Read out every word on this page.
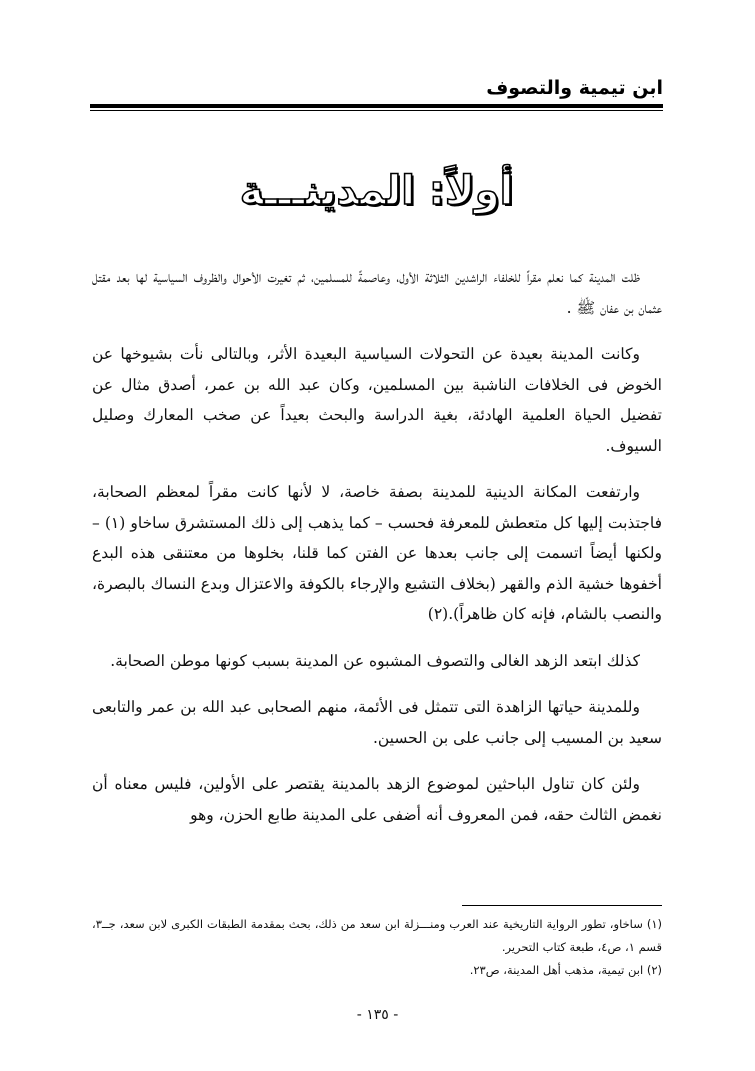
ابن تيمية والتصوف
أولاً: المدينـــة

ظلت المدينة كما نعلم مقراً للخلفاء الراشدين الثلاثة الأول، وعاصمةً للمسلمين، ثم تغيرت الأحوال والظروف السياسية لها بعد مقتل عثمان بن عفان ﷺ .

وكانت المدينة بعيدة عن التحولات السياسية البعيدة الأثر، وبالتالى نأت بشيوخها عن الخوض فى الخلافات الناشبة بين المسلمين، وكان عبد الله بن عمر، أصدق مثال عن تفضيل الحياة العلمية الهادئة، بغية الدراسة والبحث بعيداً عن صخب المعارك وصليل السيوف.

وارتفعت المكانة الدينية للمدينة بصفة خاصة، لا لأنها كانت مقراً لمعظم الصحابة، فاجتذبت إليها كل متعطش للمعرفة فحسب – كما يذهب إلى ذلك المستشرق ساخاو (١) – ولكنها أيضاً اتسمت إلى جانب بعدها عن الفتن كما قلنا، بخلوها من معتنقى هذه البدع أخفوها خشية الذم والقهر (بخلاف التشيع والإرجاء بالكوفة والاعتزال وبدع النساك بالبصرة، والنصب بالشام، فإنه كان ظاهراً).(٢)

كذلك ابتعد الزهد الغالى والتصوف المشبوه عن المدينة بسبب كونها موطن الصحابة.

وللمدينة حياتها الزاهدة التى تتمثل فى الأئمة، منهم الصحابى عبد الله بن عمر والتابعى سعيد بن المسيب إلى جانب على بن الحسين.

ولئن كان تناول الباحثين لموضوع الزهد بالمدينة يقتصر على الأولين، فليس معناه أن نغمض الثالث حقه، فمن المعروف أنه أضفى على المدينة طابع الحزن، وهو

(١) ساخاو، تطور الرواية التاريخية عند العرب ومنـــزلة ابن سعد من ذلك، بحث بمقدمة الطبقات الكبرى لابن سعد، جــ٣، قسم ١، ص٤، طبعة كتاب التحرير.

(٢) ابن تيمية، مذهب أهل المدينة، ص٢٣.

- ١٣٥ -
